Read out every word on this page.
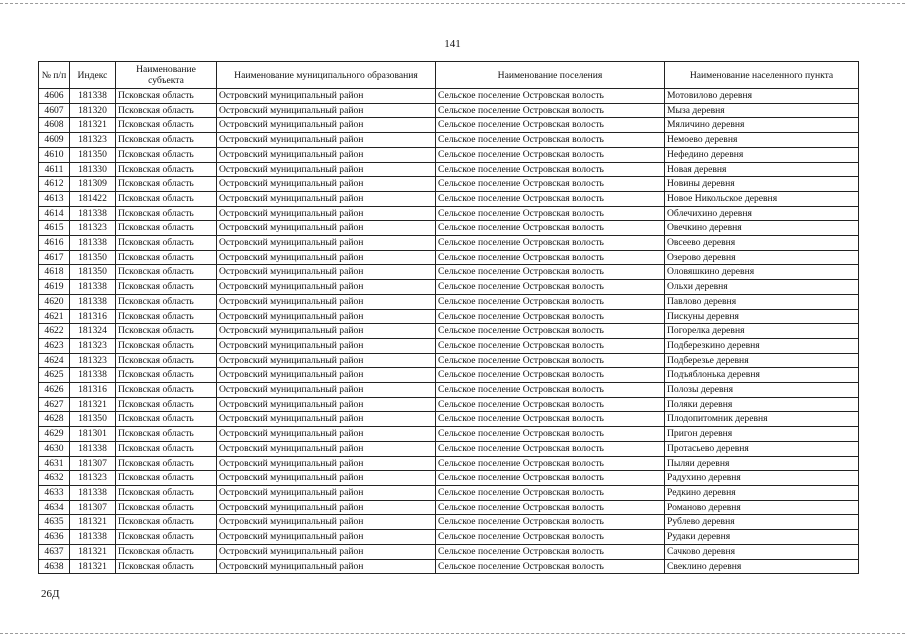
141
№ п/п	Индекс	Наименование субъекта	Наименование муниципального образования	Наименование поселения	Наименование населенного пункта
4606	181338	Псковская область	Островский муниципальный район	Сельское поселение Островская волость	Мотовилово деревня
4607	181320	Псковская область	Островский муниципальный район	Сельское поселение Островская волость	Мыза деревня
4608	181321	Псковская область	Островский муниципальный район	Сельское поселение Островская волость	Мяличино деревня
4609	181323	Псковская область	Островский муниципальный район	Сельское поселение Островская волость	Немоево деревня
4610	181350	Псковская область	Островский муниципальный район	Сельское поселение Островская волость	Нефедино деревня
4611	181330	Псковская область	Островский муниципальный район	Сельское поселение Островская волость	Новая деревня
4612	181309	Псковская область	Островский муниципальный район	Сельское поселение Островская волость	Новины деревня
4613	181422	Псковская область	Островский муниципальный район	Сельское поселение Островская волость	Новое Никольское деревня
4614	181338	Псковская область	Островский муниципальный район	Сельское поселение Островская волость	Облечихино деревня
4615	181323	Псковская область	Островский муниципальный район	Сельское поселение Островская волость	Овечкино деревня
4616	181338	Псковская область	Островский муниципальный район	Сельское поселение Островская волость	Овсеево деревня
4617	181350	Псковская область	Островский муниципальный район	Сельское поселение Островская волость	Озерово деревня
4618	181350	Псковская область	Островский муниципальный район	Сельское поселение Островская волость	Оловяшкино деревня
4619	181338	Псковская область	Островский муниципальный район	Сельское поселение Островская волость	Ольхи деревня
4620	181338	Псковская область	Островский муниципальный район	Сельское поселение Островская волость	Павлово деревня
4621	181316	Псковская область	Островский муниципальный район	Сельское поселение Островская волость	Пискуны деревня
4622	181324	Псковская область	Островский муниципальный район	Сельское поселение Островская волость	Погорелка деревня
4623	181323	Псковская область	Островский муниципальный район	Сельское поселение Островская волость	Подберезкино деревня
4624	181323	Псковская область	Островский муниципальный район	Сельское поселение Островская волость	Подберезье деревня
4625	181338	Псковская область	Островский муниципальный район	Сельское поселение Островская волость	Подъяблонька деревня
4626	181316	Псковская область	Островский муниципальный район	Сельское поселение Островская волость	Полозы деревня
4627	181321	Псковская область	Островский муниципальный район	Сельское поселение Островская волость	Поляки деревня
4628	181350	Псковская область	Островский муниципальный район	Сельское поселение Островская волость	Плодопитомник деревня
4629	181301	Псковская область	Островский муниципальный район	Сельское поселение Островская волость	Пригон деревня
4630	181338	Псковская область	Островский муниципальный район	Сельское поселение Островская волость	Протасьево деревня
4631	181307	Псковская область	Островский муниципальный район	Сельское поселение Островская волость	Пыляи деревня
4632	181323	Псковская область	Островский муниципальный район	Сельское поселение Островская волость	Радухино деревня
4633	181338	Псковская область	Островский муниципальный район	Сельское поселение Островская волость	Редкино деревня
4634	181307	Псковская область	Островский муниципальный район	Сельское поселение Островская волость	Романово деревня
4635	181321	Псковская область	Островский муниципальный район	Сельское поселение Островская волость	Рублево деревня
4636	181338	Псковская область	Островский муниципальный район	Сельское поселение Островская волость	Рудаки деревня
4637	181321	Псковская область	Островский муниципальный район	Сельское поселение Островская волость	Сачково деревня
4638	181321	Псковская область	Островский муниципальный район	Сельское поселение Островская волость	Свеклино деревня
26Д
